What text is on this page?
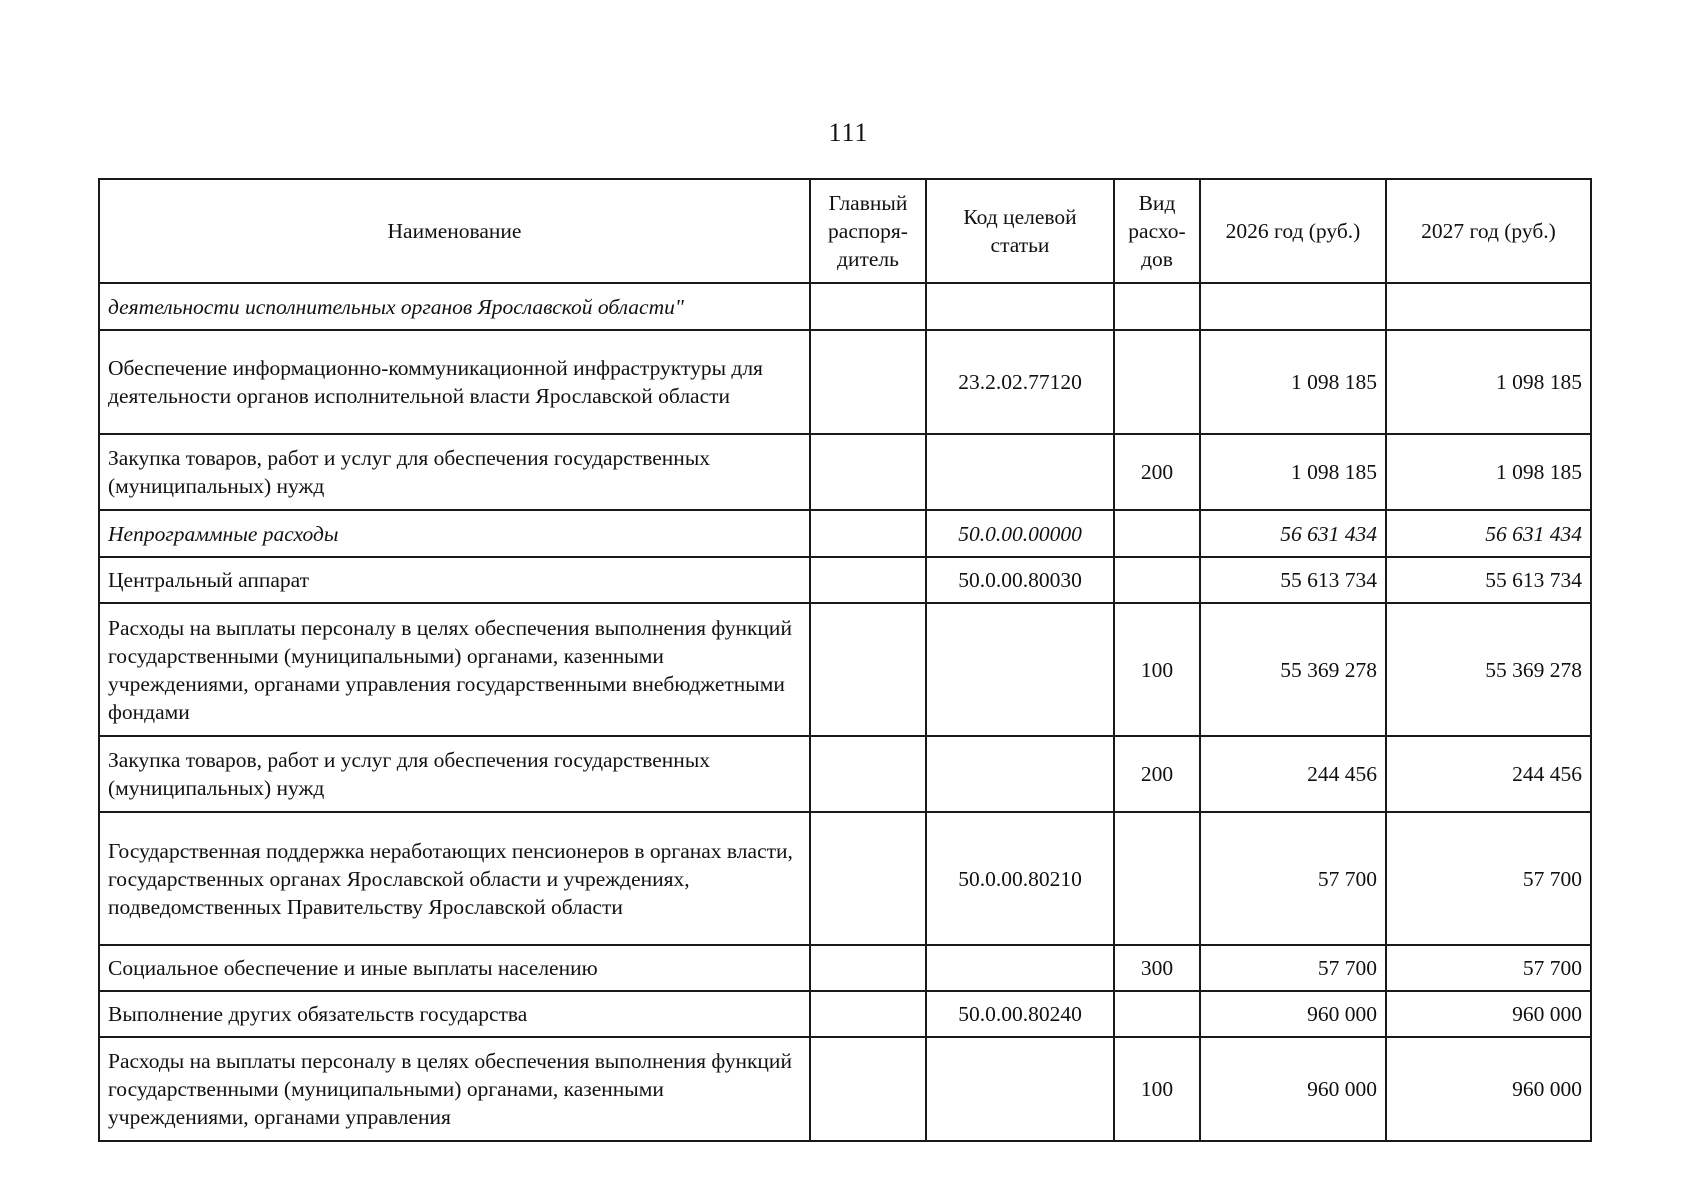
111
Наименование	Главный распоря-дитель	Код целевой статьи	Вид расхо-дов	2026 год (руб.)	2027 год (руб.)
деятельности исполнительных органов Ярославской области"					
Обеспечение информационно-коммуникационной инфраструктуры для деятельности органов исполнительной власти Ярославской области		23.2.02.77120		1 098 185	1 098 185
Закупка товаров, работ и услуг для обеспечения государственных (муниципальных) нужд			200	1 098 185	1 098 185
Непрограммные расходы		50.0.00.00000		56 631 434	56 631 434
Центральный аппарат		50.0.00.80030		55 613 734	55 613 734
Расходы на выплаты персоналу в целях обеспечения выполнения функций государственными (муниципальными) органами, казенными учреждениями, органами управления государственными внебюджетными фондами			100	55 369 278	55 369 278
Закупка товаров, работ и услуг для обеспечения государственных (муниципальных) нужд			200	244 456	244 456
Государственная поддержка неработающих пенсионеров в органах власти, государственных органах Ярославской области и учреждениях, подведомственных Правительству Ярославской области		50.0.00.80210		57 700	57 700
Социальное обеспечение и иные выплаты населению			300	57 700	57 700
Выполнение других обязательств государства		50.0.00.80240		960 000	960 000
Расходы на выплаты персоналу в целях обеспечения выполнения функций государственными (муниципальными) органами, казенными учреждениями, органами управления			100	960 000	960 000
